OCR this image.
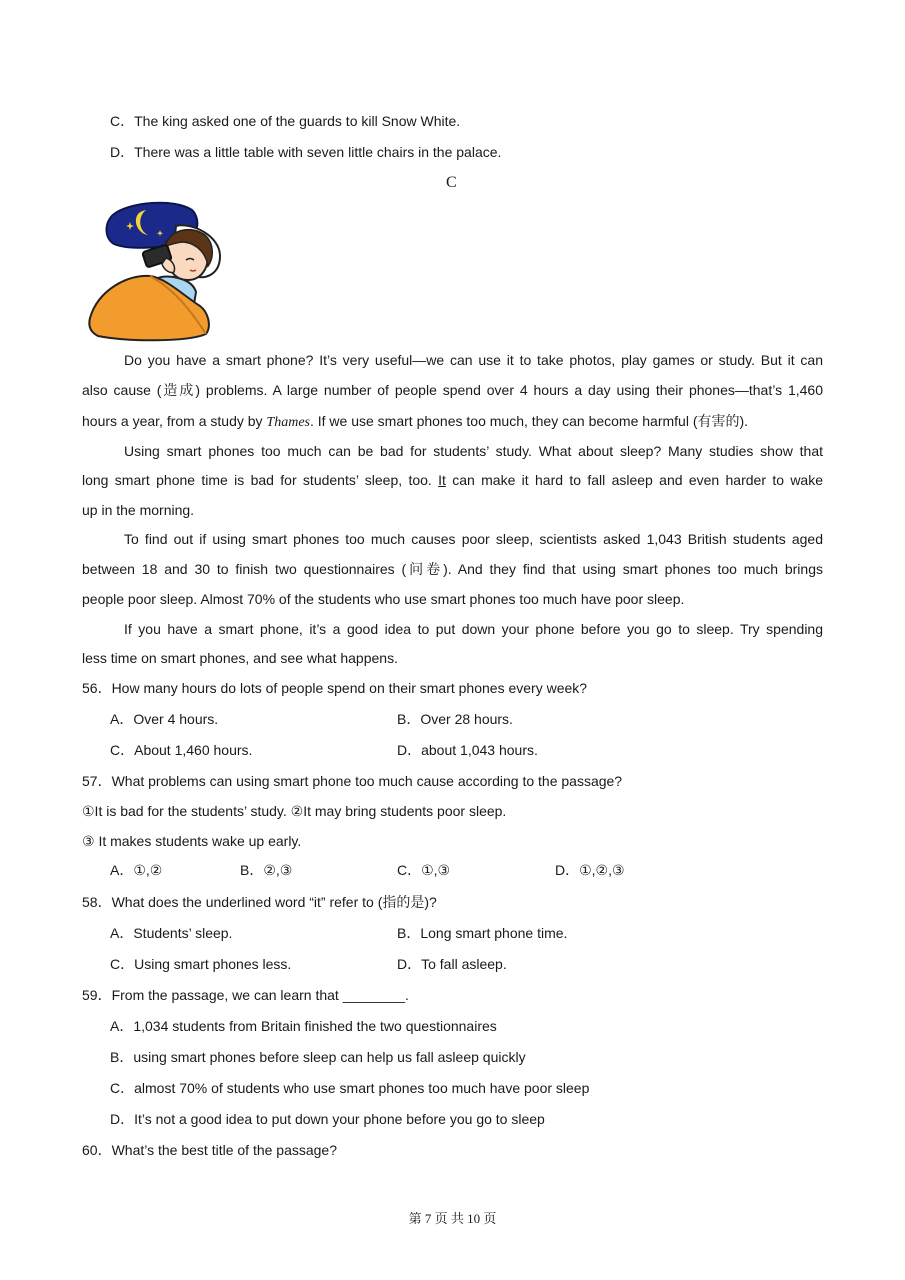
C．The king asked one of the guards to kill Snow White.
D．There was a little table with seven little chairs in the palace.
C
Do you have a smart phone? It’s very useful—we can use it to take photos, play games or study. But it can
also cause (造成) problems. A large number of people spend over 4 hours a day using their phones—that’s 1,460
hours a year, from a study by Thames. If we use smart phones too much, they can become harmful (有害的).
Using smart phones too much can be bad for students’ study. What about sleep? Many studies show that
long smart phone time is bad for students’ sleep, too. It can make it hard to fall asleep and even harder to wake
up in the morning.
To find out if using smart phones too much causes poor sleep, scientists asked 1,043 British students aged
between 18 and 30 to finish two questionnaires (问卷). And they find that using smart phones too much brings
people poor sleep. Almost 70% of the students who use smart phones too much have poor sleep.
If you have a smart phone, it’s a good idea to put down your phone before you go to sleep. Try spending
less time on smart phones, and see what happens.
56．How many hours do lots of people spend on their smart phones every week?
A．Over 4 hours.	B．Over 28 hours.
C．About 1,460 hours.	D．about 1,043 hours.
57．What problems can using smart phone too much cause according to the passage?
①It is bad for the students’ study. ②It may bring students poor sleep.
③ It makes students wake up early.
A．①,②	B．②,③	C．①,③	D．①,②,③
58．What does the underlined word “it” refer to (指的是)?
A．Students’ sleep.	B．Long smart phone time.
C．Using smart phones less.	D．To fall asleep.
59．From the passage, we can learn that ________.
A．1,034 students from Britain finished the two questionnaires
B．using smart phones before sleep can help us fall asleep quickly
C．almost 70% of students who use smart phones too much have poor sleep
D．It’s not a good idea to put down your phone before you go to sleep
60．What’s the best title of the passage?
第 7 页 共 10 页
